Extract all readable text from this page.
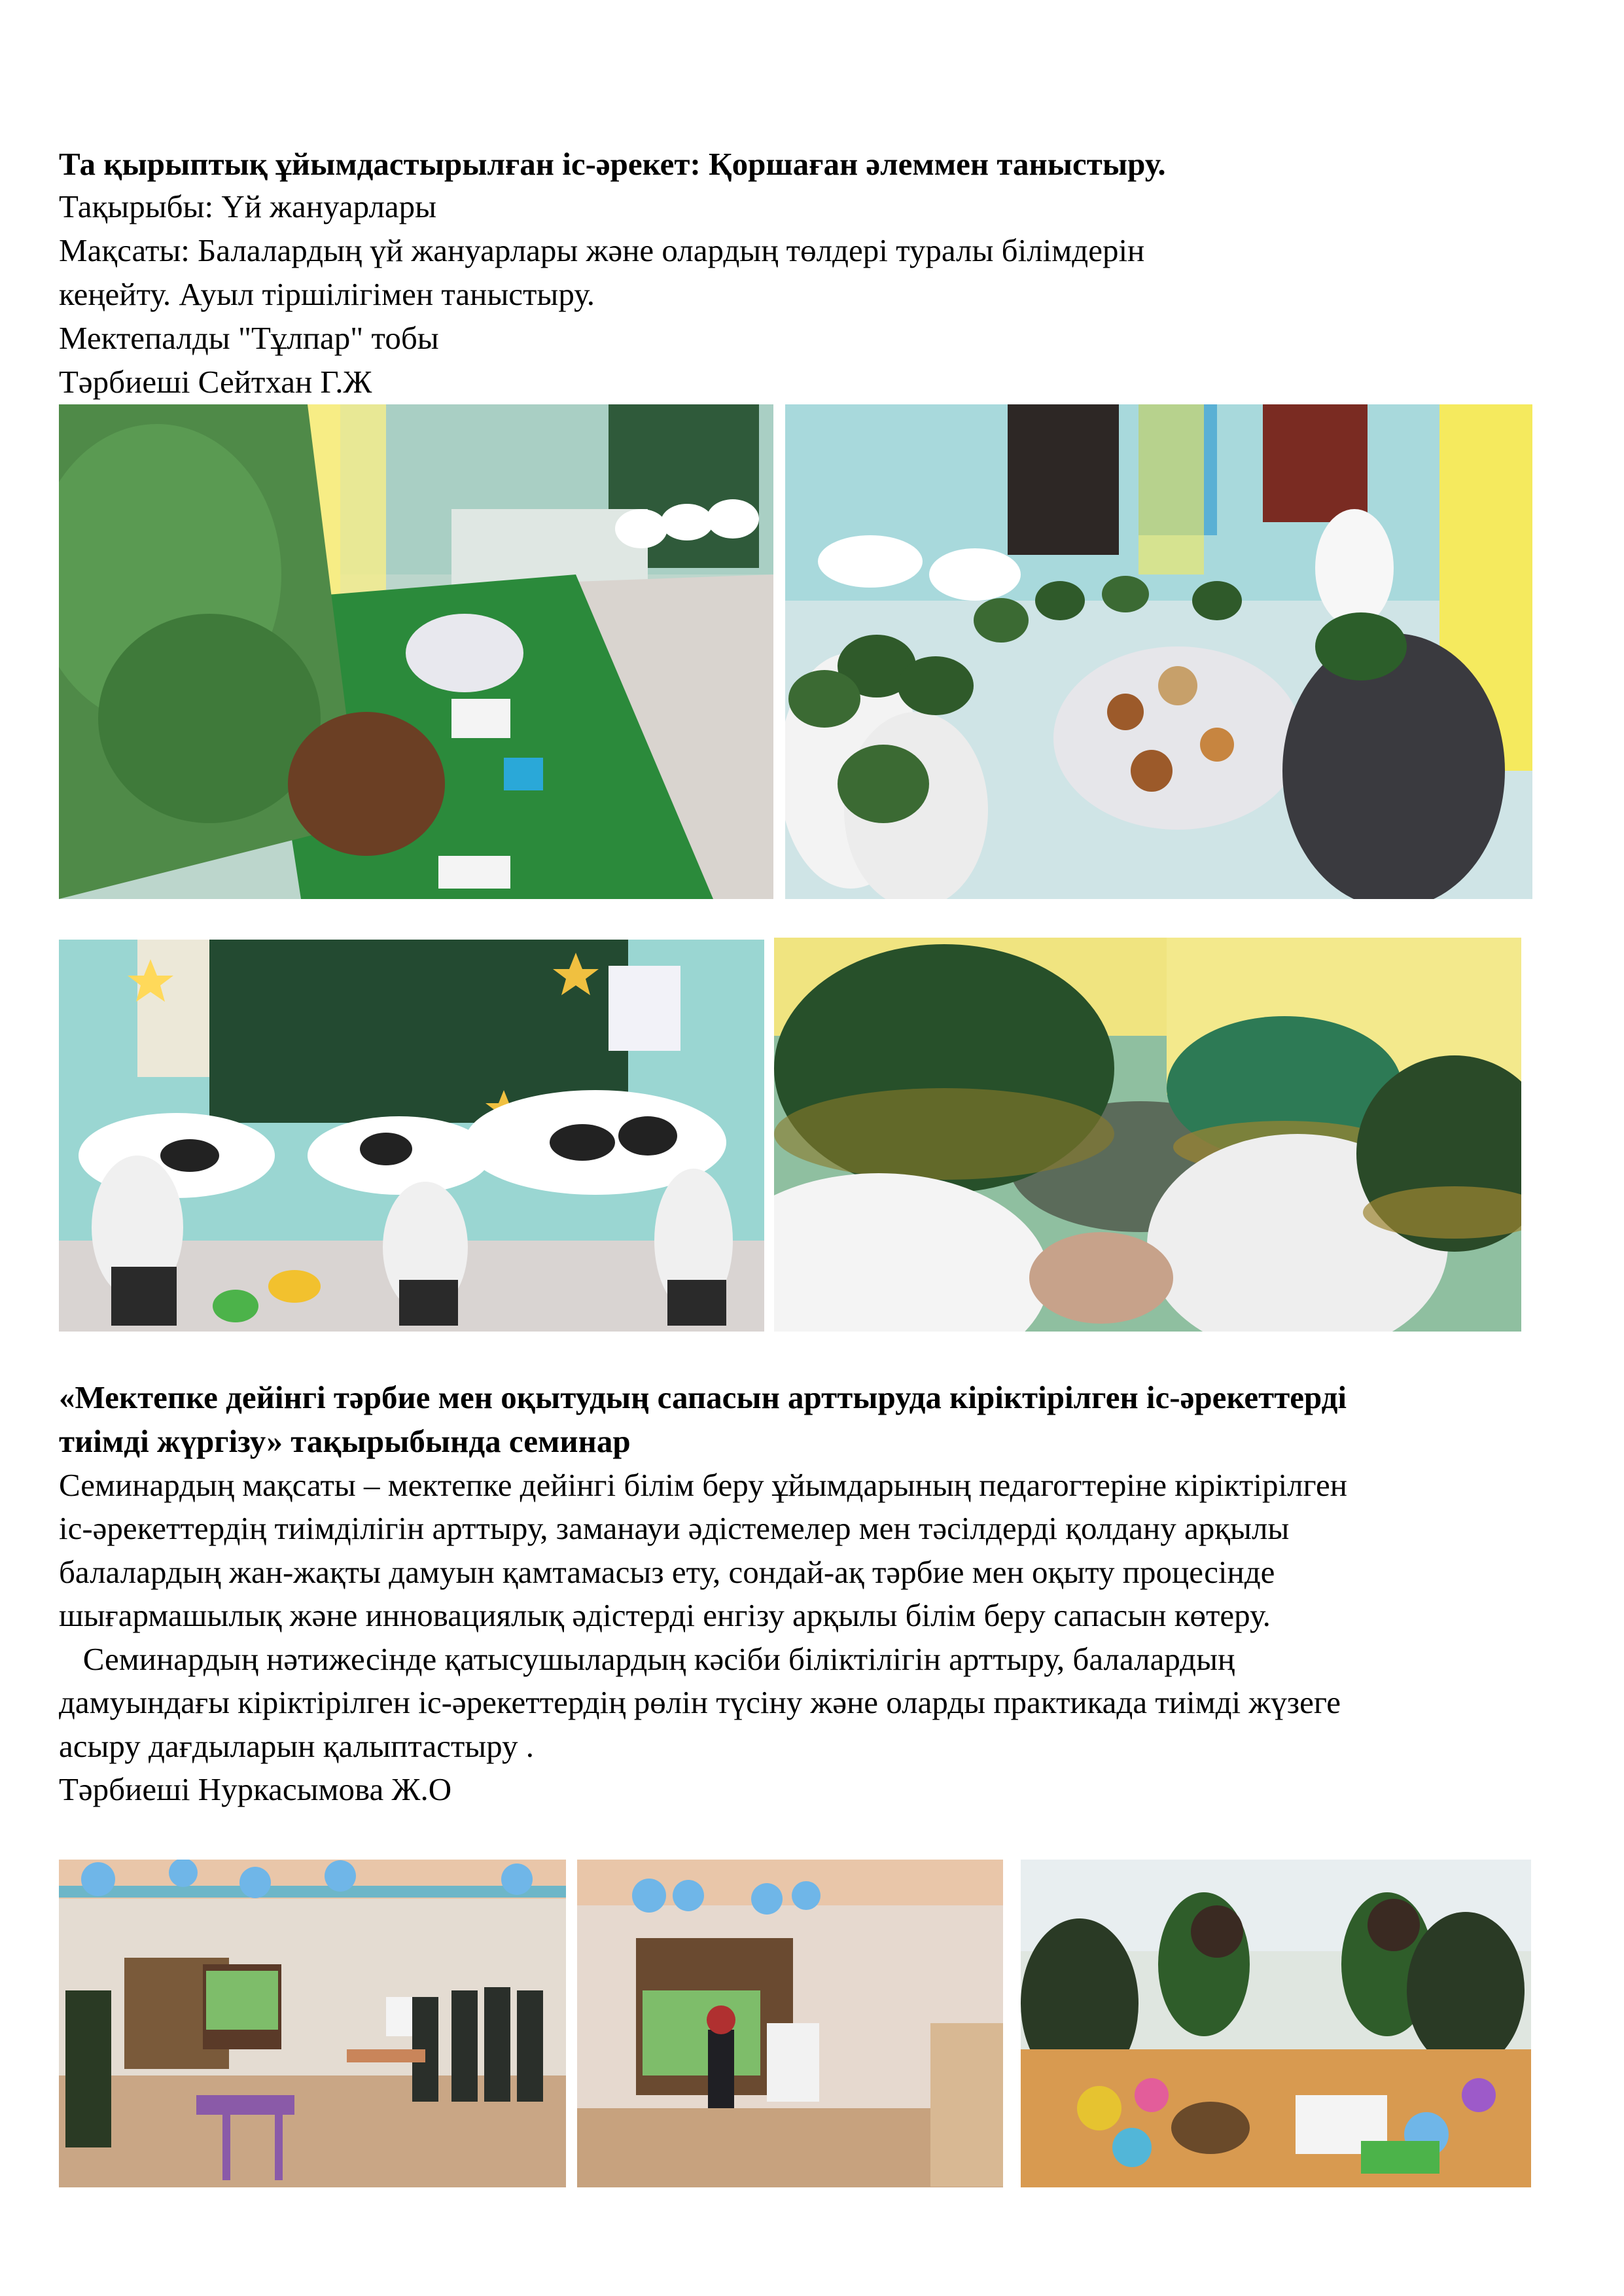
Та қырыптық ұйымдастырылған іс-әрекет: Қоршаған әлеммен таныстыру.
Тақырыбы: Үй жануарлары
Мақсаты: Балалардың үй жануарлары және олардың төлдері туралы білімдерін
кеңейту. Ауыл тіршілігімен таныстыру.
Мектепалды "Тұлпар" тобы
Тәрбиеші Сейтхан Г.Ж
«Мектепке дейінгі тәрбие мен оқытудың сапасын арттыруда кіріктірілген іс-әрекеттерді
тиімді жүргізу» тақырыбында семинар
Семинардың мақсаты – мектепке дейінгі білім беру ұйымдарының педагогтеріне кіріктірілген
іс-әрекеттердің тиімділігін арттыру, заманауи әдістемелер мен тәсілдерді қолдану арқылы
балалардың жан-жақты дамуын қамтамасыз ету, сондай-ақ тәрбие мен оқыту процесінде
шығармашылық және инновациялық әдістерді енгізу арқылы білім беру сапасын көтеру.
Семинардың нәтижесінде қатысушылардың кәсіби біліктілігін арттыру, балалардың
дамуындағы кіріктірілген іс-әрекеттердің рөлін түсіну және оларды практикада тиімді жүзеге
асыру дағдыларын қалыптастыру .
Тәрбиеші Нуркасымова Ж.О
